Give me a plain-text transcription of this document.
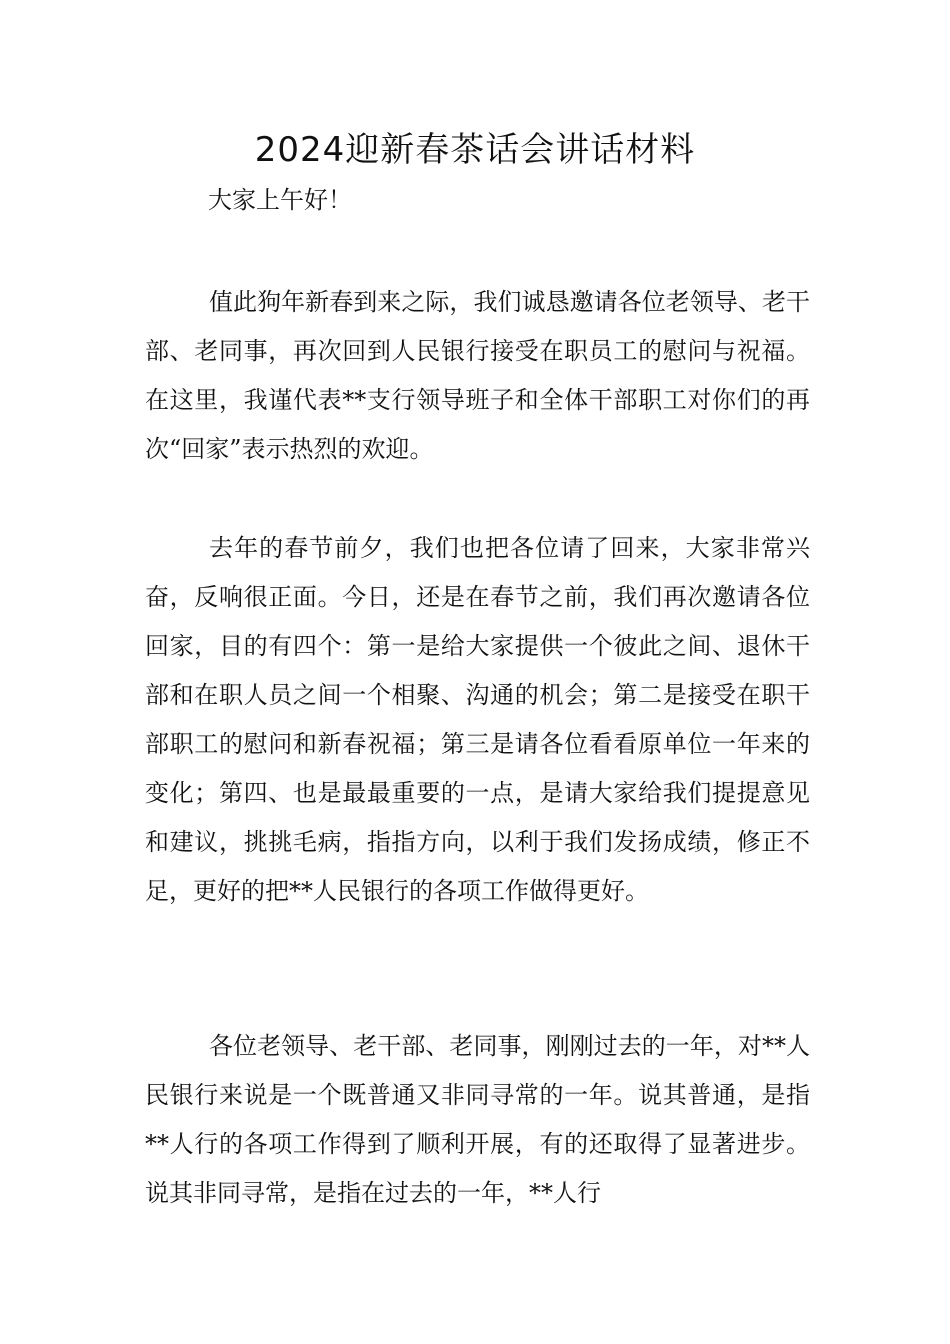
2024迎新春茶话会讲话材料

大家上午好！

值此狗年新春到来之际，我们诚恳邀请各位老领导、老干部、老同事，再次回到人民银行接受在职员工的慰问与祝福。在这里，我谨代表**支行领导班子和全体干部职工对你们的再次“回家”表示热烈的欢迎。

去年的春节前夕，我们也把各位请了回来，大家非常兴奋，反响很正面。今日，还是在春节之前，我们再次邀请各位回家，目的有四个：第一是给大家提供一个彼此之间、退休干部和在职人员之间一个相聚、沟通的机会；第二是接受在职干部职工的慰问和新春祝福；第三是请各位看看原单位一年来的变化；第四、也是最最重要的一点，是请大家给我们提提意见和建议，挑挑毛病，指指方向，以利于我们发扬成绩，修正不足，更好的把**人民银行的各项工作做得更好。

各位老领导、老干部、老同事，刚刚过去的一年，对**人民银行来说是一个既普通又非同寻常的一年。说其普通，是指**人行的各项工作得到了顺利开展，有的还取得了显著进步。说其非同寻常，是指在过去的一年，**人行
